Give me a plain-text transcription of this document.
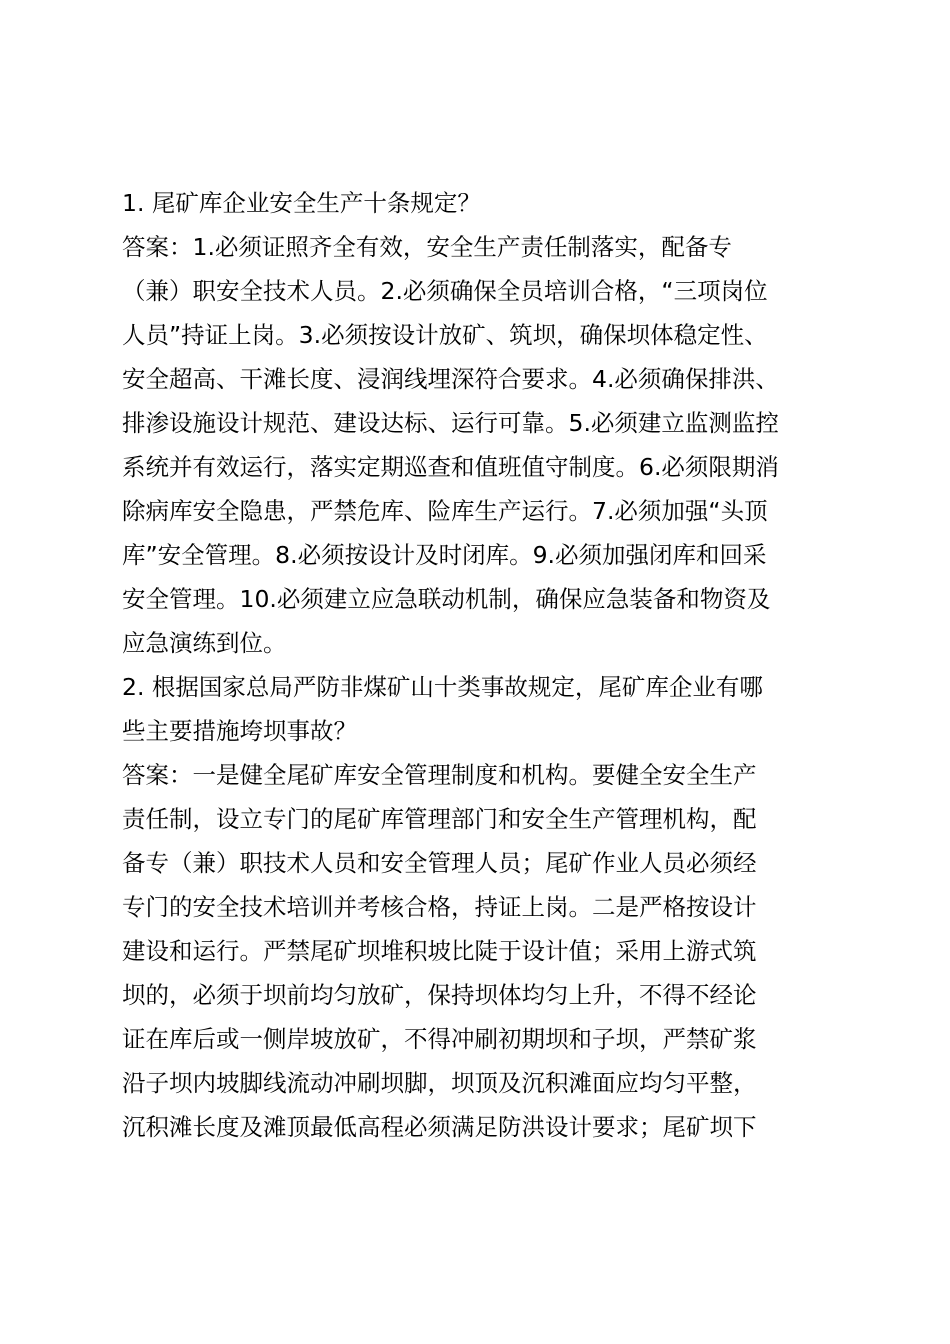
1. 尾矿库企业安全生产十条规定？
答案：1.必须证照齐全有效，安全生产责任制落实，配备专
（兼）职安全技术人员。2.必须确保全员培训合格，“三项岗位
人员”持证上岗。3.必须按设计放矿、筑坝，确保坝体稳定性、
安全超高、干滩长度、浸润线埋深符合要求。4.必须确保排洪、
排渗设施设计规范、建设达标、运行可靠。5.必须建立监测监控
系统并有效运行，落实定期巡查和值班值守制度。6.必须限期消
除病库安全隐患，严禁危库、险库生产运行。7.必须加强“头顶
库”安全管理。8.必须按设计及时闭库。9.必须加强闭库和回采
安全管理。10.必须建立应急联动机制，确保应急装备和物资及
应急演练到位。
2. 根据国家总局严防非煤矿山十类事故规定，尾矿库企业有哪
些主要措施垮坝事故？
答案：一是健全尾矿库安全管理制度和机构。要健全安全生产
责任制，设立专门的尾矿库管理部门和安全生产管理机构，配
备专（兼）职技术人员和安全管理人员；尾矿作业人员必须经
专门的安全技术培训并考核合格，持证上岗。二是严格按设计
建设和运行。严禁尾矿坝堆积坡比陡于设计值；采用上游式筑
坝的，必须于坝前均匀放矿，保持坝体均匀上升，不得不经论
证在库后或一侧岸坡放矿，不得冲刷初期坝和子坝，严禁矿浆
沿子坝内坡脚线流动冲刷坝脚，坝顶及沉积滩面应均匀平整，
沉积滩长度及滩顶最低高程必须满足防洪设计要求；尾矿坝下
